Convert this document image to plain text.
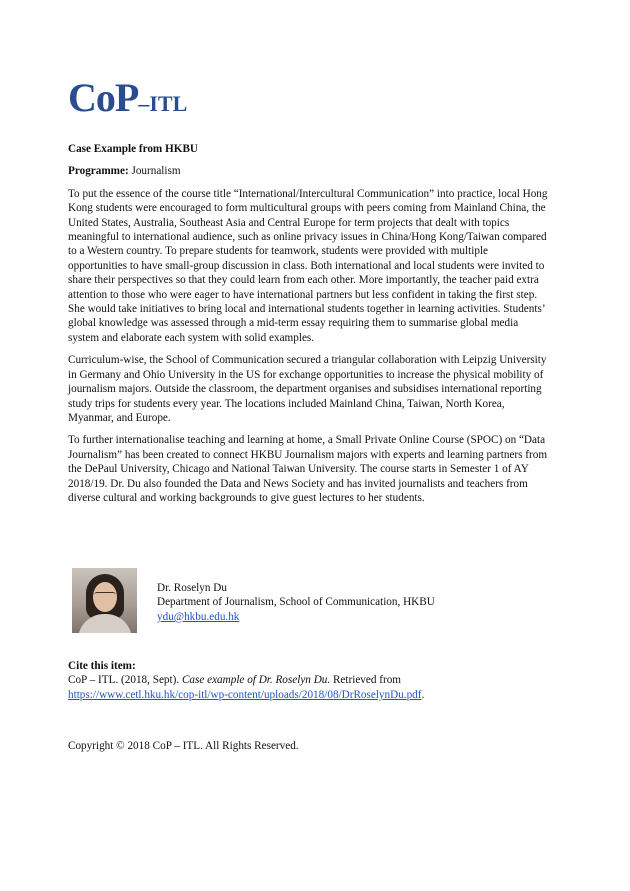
CoP–ITL
Case Example from HKBU
Programme: Journalism

To put the essence of the course title “International/Intercultural Communication” into practice, local Hong Kong students were encouraged to form multicultural groups with peers coming from Mainland China, the United States, Australia, Southeast Asia and Central Europe for term projects that dealt with topics meaningful to international audience, such as online privacy issues in China/Hong Kong/Taiwan compared to a Western country. To prepare students for teamwork, students were provided with multiple opportunities to have small-group discussion in class. Both international and local students were invited to share their perspectives so that they could learn from each other. More importantly, the teacher paid extra attention to those who were eager to have international partners but less confident in taking the first step. She would take initiatives to bring local and international students together in learning activities. Students’ global knowledge was assessed through a mid-term essay requiring them to summarise global media system and elaborate each system with solid examples.

Curriculum-wise, the School of Communication secured a triangular collaboration with Leipzig University in Germany and Ohio University in the US for exchange opportunities to increase the physical mobility of journalism majors. Outside the classroom, the department organises and subsidises international reporting study trips for students every year. The locations included Mainland China, Taiwan, North Korea, Myanmar, and Europe.

To further internationalise teaching and learning at home, a Small Private Online Course (SPOC) on “Data Journalism” has been created to connect HKBU Journalism majors with experts and learning partners from the DePaul University, Chicago and National Taiwan University. The course starts in Semester 1 of AY 2018/19. Dr. Du also founded the Data and News Society and has invited journalists and teachers from diverse cultural and working backgrounds to give guest lectures to her students.

Dr. Roselyn Du
Department of Journalism, School of Communication, HKBU
ydu@hkbu.edu.hk
Cite this item:
CoP – ITL. (2018, Sept). Case example of Dr. Roselyn Du. Retrieved from
https://www.cetl.hku.hk/cop-itl/wp-content/uploads/2018/08/DrRoselynDu.pdf.
Copyright © 2018 CoP – ITL. All Rights Reserved.
